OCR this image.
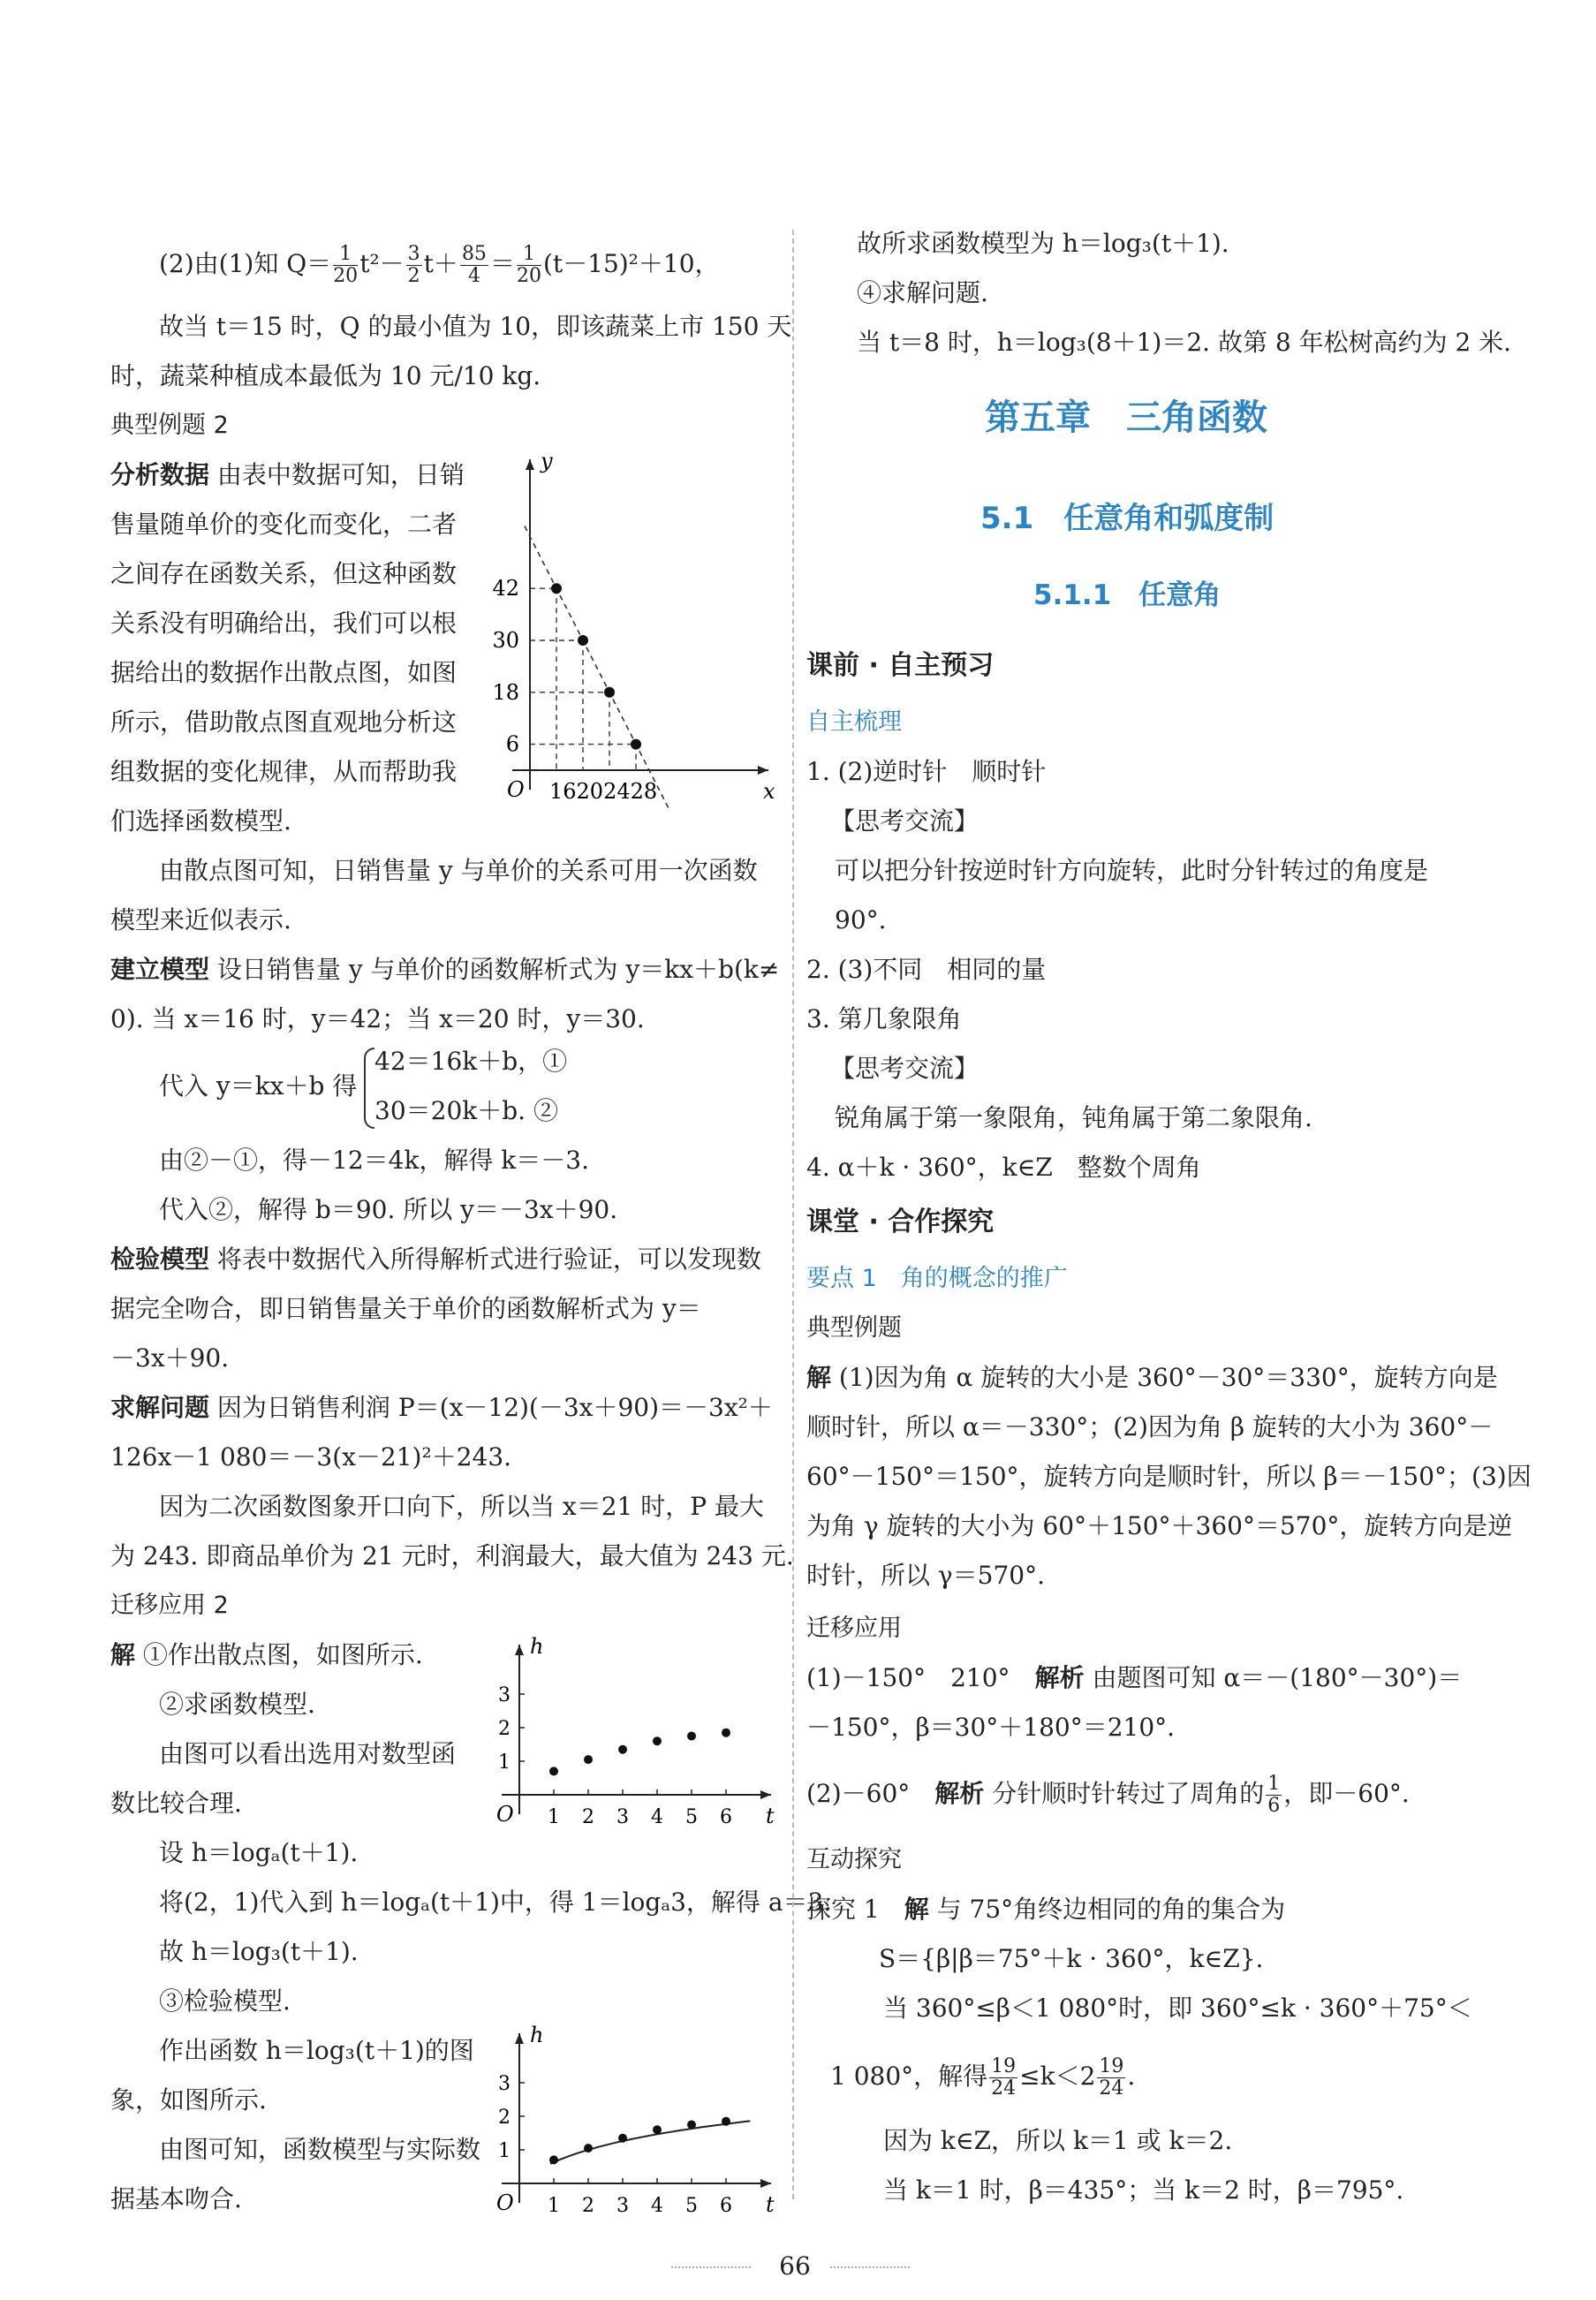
(2)由(1)知 $Q= \frac{1}{20} t^2- \frac{3}{2} t+ \frac{85}{4} = \frac{1}{20} (t-15)^2+10$，
故当 t＝15 时，Q 的最小值为 10，即该蔬菜上市 150 天
时，蔬菜种植成本最低为 10 元/10 kg.
典型例题 2
分析数据 由表中数据可知，日销
售量随单价的变化而变化，二者
之间存在函数关系，但这种函数
关系没有明确给出，我们可以根
据给出的数据作出散点图，如图
所示，借助散点图直观地分析这
组数据的变化规律，从而帮助我
们选择函数模型.
O	x
y
42
30
18
6
16202428
由散点图可知，日销售量 y 与单价的关系可用一次函数
模型来近似表示.
建立模型 设日销售量 y 与单价的函数解析式为 y＝kx＋b(k≠
0). 当 x＝16 时，y＝42；当 x＝20 时，y＝30.
代入 y＝kx＋b 得
42＝16k＋b，①
30＝20k＋b. ②
由②－①，得－12＝4k，解得 k＝－3.
代入②，解得 b＝90. 所以 y＝－3x＋90.
检验模型 将表中数据代入所得解析式进行验证，可以发现数
据完全吻合，即日销售量关于单价的函数解析式为 y＝
－3x＋90.
求解问题 因为日销售利润 P＝(x－12)(－3x＋90)＝－3x²＋
126x－1 080＝－3(x－21)²＋243.
因为二次函数图象开口向下，所以当 x＝21 时，P 最大
为 243. 即商品单价为 21 元时，利润最大，最大值为 243 元.
迁移应用 2
解 ①作出散点图，如图所示.
②求函数模型.
由图可以看出选用对数型函
数比较合理.	O	t
h
1
2
3
1 2 3 4 5 6
设 h＝logₐ(t＋1).
将(2，1)代入到 h＝logₐ(t＋1)中，得 1＝logₐ3，解得 a＝3.
故 h＝log₃(t＋1).
③检验模型.
作出函数 h＝log₃(t＋1)的图
象，如图所示.
由图可知，函数模型与实际数
据基本吻合.	O	t
h
1
2
3
1 2 3 4 5 6
故所求函数模型为 h＝log₃(t＋1).
④求解问题.
当 t＝8 时，h＝log₃(8＋1)＝2. 故第 8 年松树高约为 2 米.
第五章　三角函数
5.1　任意角和弧度制
5.1.1　任意角
课前 · 自主预习
自主梳理
1. (2)逆时针　顺时针
【思考交流】
可以把分针按逆时针方向旋转，此时分针转过的角度是
90°.
2. (3)不同　相同的量
3. 第几象限角
【思考交流】
锐角属于第一象限角，钝角属于第二象限角.
4. α＋k · 360°，k∈Z　整数个周角
课堂 · 合作探究
要点 1　角的概念的推广
典型例题
解 (1)因为角 α 旋转的大小是 360°－30°＝330°，旋转方向是
顺时针，所以 α＝－330°；(2)因为角 β 旋转的大小为 360°－
60°－150°＝150°，旋转方向是顺时针，所以 β＝－150°；(3)因
为角 γ 旋转的大小为 60°＋150°＋360°＝570°，旋转方向是逆
时针，所以 γ＝570°.
迁移应用
(1)－150°　210°　 解析 由题图可知 α＝－(180°－30°)＝
－150°，β＝30°＋180°＝210°.
(2)－60°　 解析 分针顺时针转过了周角的 $\frac{1}{6}$ ，即－60°.
互动探究
探究 1　 解 与 75°角终边相同的角的集合为
S＝{β|β＝75°＋k · 360°，k∈Z}.
当 360°≤β＜1 080°时，即 360°≤k · 360°＋75°＜
1 080°，解得 $\frac{19}{24} \le k<2 \frac{19}{24}$ .
因为 k∈Z，所以 k＝1 或 k＝2.
当 k＝1 时，β＝435°；当 k＝2 时，β＝795°.
66
